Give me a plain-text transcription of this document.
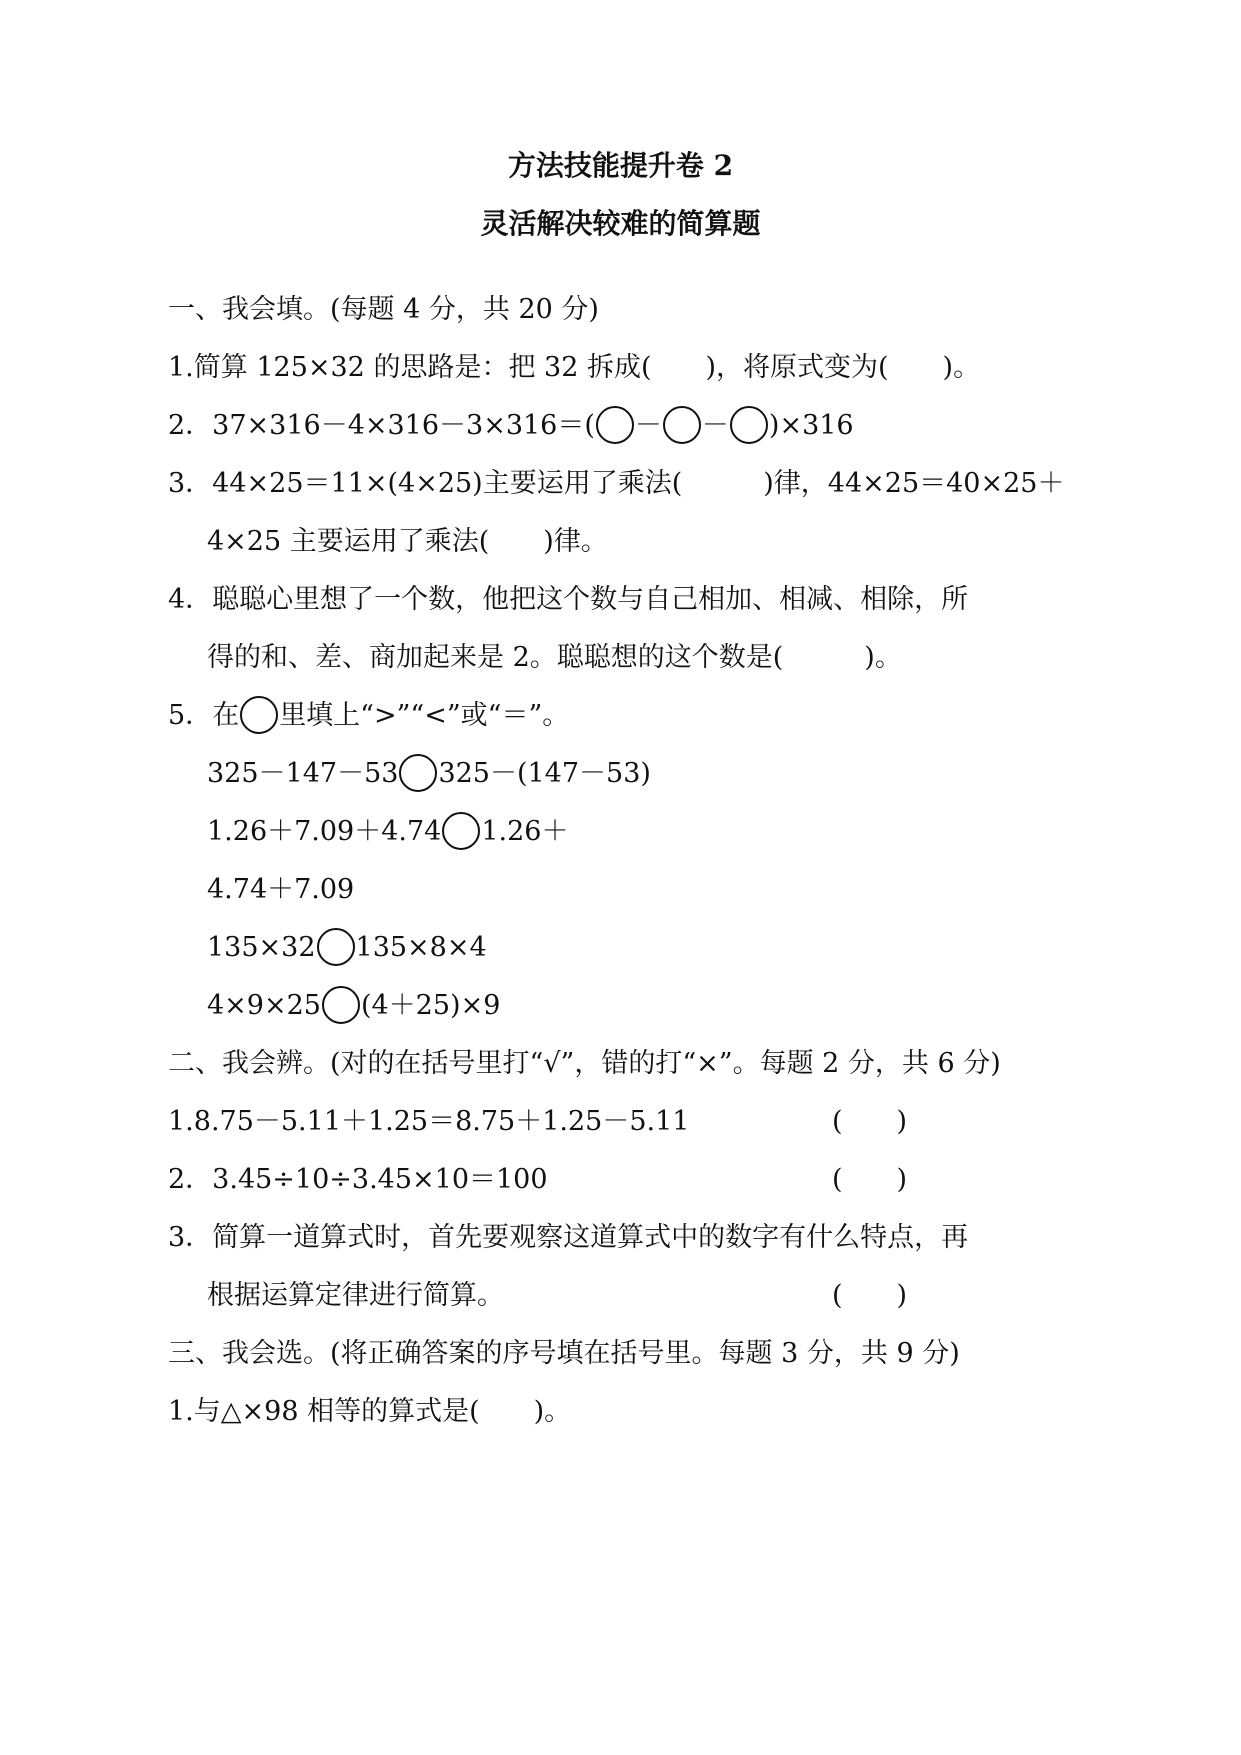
方法技能提升卷 2
灵活解决较难的简算题
一、我会填。(每题 4 分，共 20 分)
1.简算 125×32 的思路是：把 32 拆成(　　)，将原式变为(　　)。
2．37×316－4×316－3×316＝( － － )×316
3．44×25＝11×(4×25)主要运用了乘法(　　　)律，44×25＝40×25＋
4×25 主要运用了乘法(　　)律。
4．聪聪心里想了一个数，他把这个数与自己相加、相减、相除，所
得的和、差、商加起来是 2。聪聪想的这个数是(　　　)。
5．在 里填上“>”“<”或“＝”。
325－147－53 325－(147－53)
1.26＋7.09＋4.74 1.26＋
4.74＋7.09
135×32 135×8×4
4×9×25 (4＋25)×9
二、我会辨。(对的在括号里打“√”，错的打“×”。每题 2 分，共 6 分)
1.8.75－5.11＋1.25＝8.75＋1.25－5.11	(　　)
2．3.45÷10÷3.45×10＝100	(　　)
3．简算一道算式时，首先要观察这道算式中的数字有什么特点，再
根据运算定律进行简算。	(　　)
三、我会选。(将正确答案的序号填在括号里。每题 3 分，共 9 分)
1.与△×98 相等的算式是(　　)。
